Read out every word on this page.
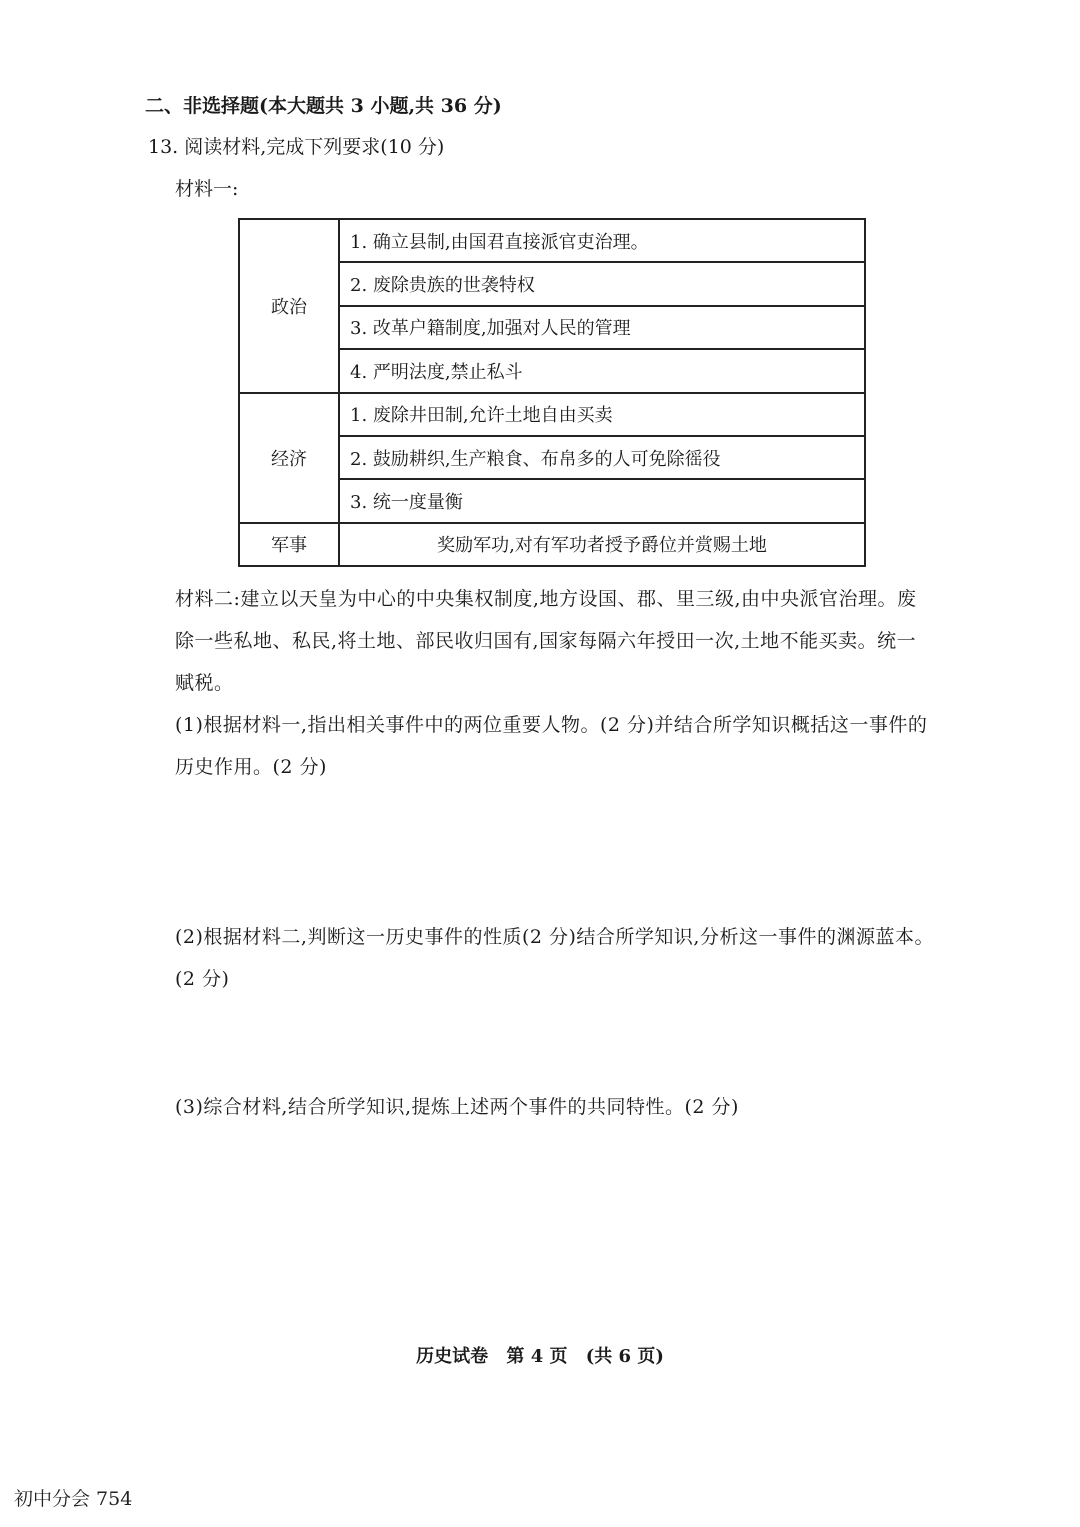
二、非选择题(本大题共 3 小题,共 36 分)
13. 阅读材料,完成下列要求(10 分)
材料一:
政治	1. 确立县制,由国君直接派官吏治理。
	2. 废除贵族的世袭特权
	3. 改革户籍制度,加强对人民的管理
	4. 严明法度,禁止私斗
经济	1. 废除井田制,允许土地自由买卖
	2. 鼓励耕织,生产粮食、布帛多的人可免除徭役
	3. 统一度量衡
军事	奖励军功,对有军功者授予爵位并赏赐土地
材料二:建立以天皇为中心的中央集权制度,地方设国、郡、里三级,由中央派官治理。废除一些私地、私民,将土地、部民收归国有,国家每隔六年授田一次,土地不能买卖。统一赋税。
(1)根据材料一,指出相关事件中的两位重要人物。(2 分)并结合所学知识概括这一事件的历史作用。(2 分)
(2)根据材料二,判断这一历史事件的性质(2 分)结合所学知识,分析这一事件的渊源蓝本。(2 分)
(3)综合材料,结合所学知识,提炼上述两个事件的共同特性。(2 分)
历史试卷 第 4 页 (共 6 页)
初中分会 754
